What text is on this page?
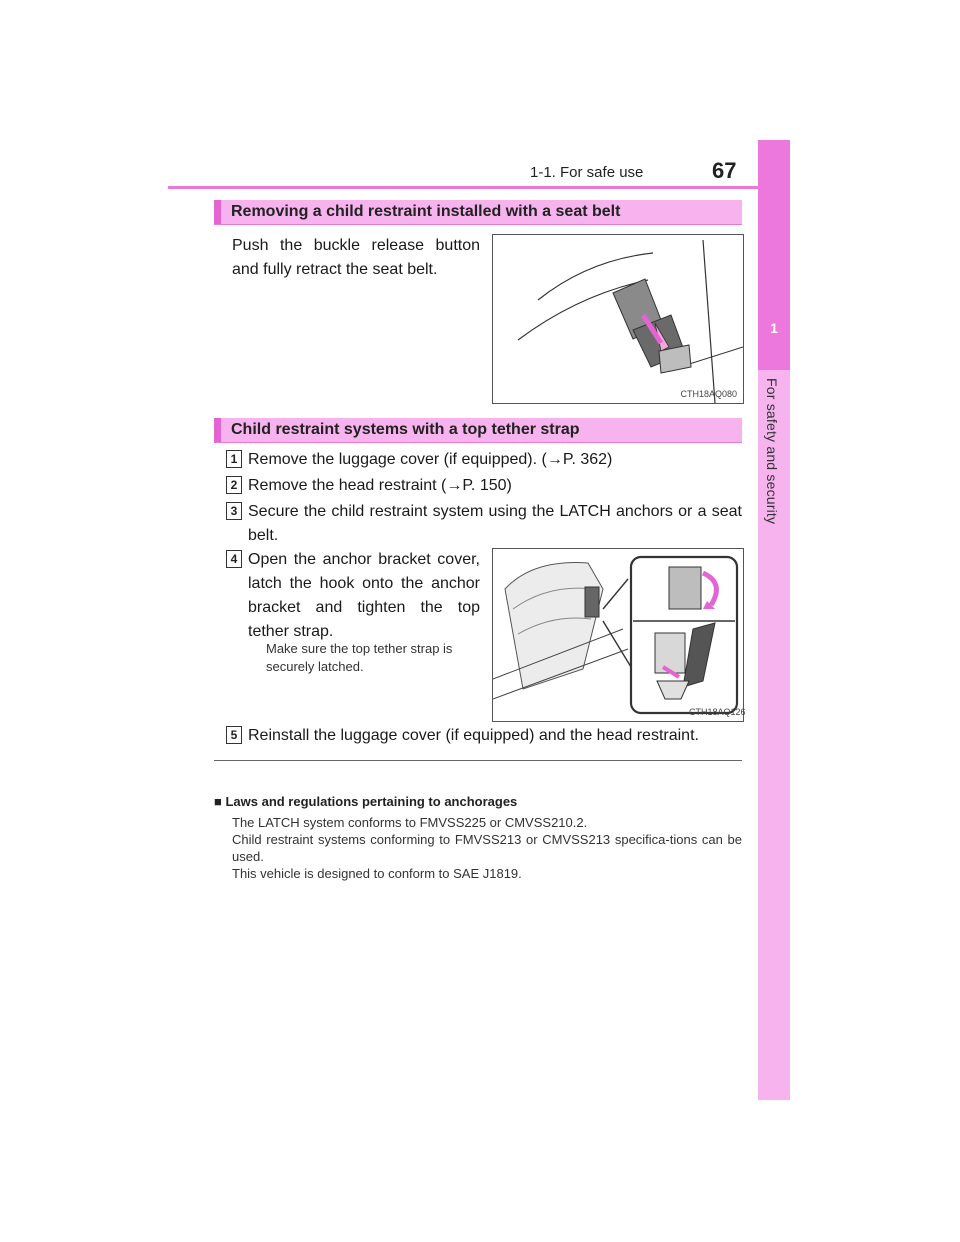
1-1. For safe use	67
1
For safety and security
Removing a child restraint installed with a seat belt
Push the buckle release button and fully retract the seat belt.
CTH18AQ080
Child restraint systems with a top tether strap
1 Remove the luggage cover (if equipped). (→P. 362)
2 Remove the head restraint (→P. 150)
3 Secure the child restraint system using the LATCH anchors or a seat belt.
4 Open the anchor bracket cover, latch the hook onto the anchor bracket and tighten the top tether strap.
Make sure the top tether strap is securely latched.
CTH18AQ126
5 Reinstall the luggage cover (if equipped) and the head restraint.
■ Laws and regulations pertaining to anchorages
The LATCH system conforms to FMVSS225 or CMVSS210.2.
Child restraint systems conforming to FMVSS213 or CMVSS213 specifica-tions can be used.
This vehicle is designed to conform to SAE J1819.
